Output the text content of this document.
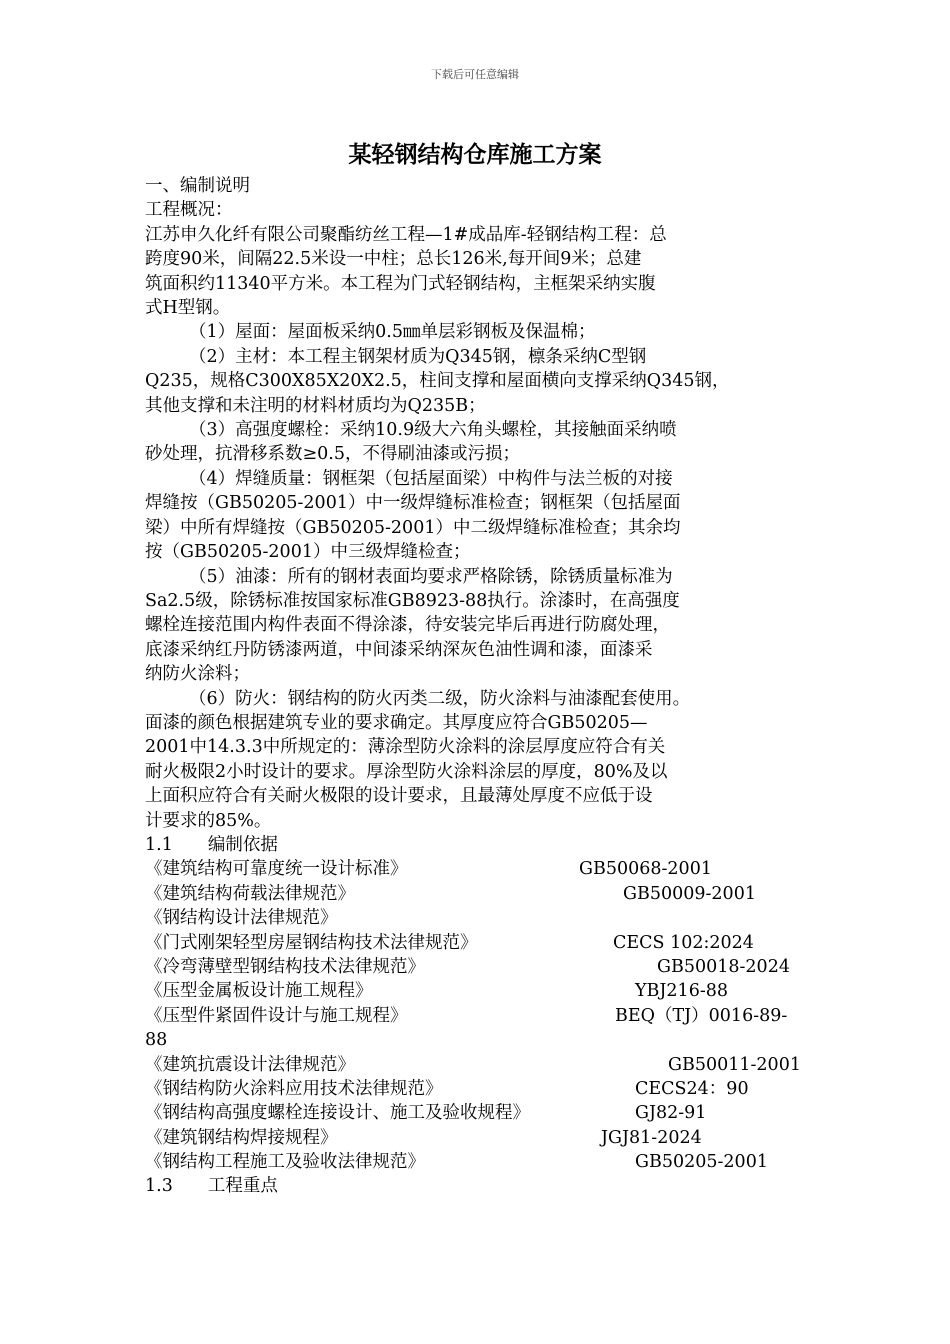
下载后可任意编辑
某轻钢结构仓库施工方案
一、编制说明
工程概况：
江苏申久化纤有限公司聚酯纺丝工程—1#成品库-轻钢结构工程：总
跨度90米，间隔22.5米设一中柱；总长126米,每开间9米；总建
筑面积约11340平方米。本工程为门式轻钢结构，主框架采纳实腹
式H型钢。
（1）屋面：屋面板采纳0.5㎜单层彩钢板及保温棉；
（2）主材：本工程主钢架材质为Q345钢，檩条采纳C型钢
Q235，规格C300X85X20X2.5，柱间支撑和屋面横向支撑采纳Q345钢，
其他支撑和未注明的材料材质均为Q235B；
（3）高强度螺栓：采纳10.9级大六角头螺栓，其接触面采纳喷
砂处理，抗滑移系数≥0.5，不得刷油漆或污损；
（4）焊缝质量：钢框架（包括屋面梁）中构件与法兰板的对接
焊缝按（GB50205-2001）中一级焊缝标准检查；钢框架（包括屋面
梁）中所有焊缝按（GB50205-2001）中二级焊缝标准检查；其余均
按（GB50205-2001）中三级焊缝检查；
（5）油漆：所有的钢材表面均要求严格除锈，除锈质量标准为
Sa2.5级，除锈标准按国家标准GB8923-88执行。涂漆时，在高强度
螺栓连接范围内构件表面不得涂漆，待安装完毕后再进行防腐处理，
底漆采纳红丹防锈漆两道，中间漆采纳深灰色油性调和漆，面漆采
纳防火涂料；
（6）防火：钢结构的防火丙类二级，防火涂料与油漆配套使用。
面漆的颜色根据建筑专业的要求确定。其厚度应符合GB50205—
2001中14.3.3中所规定的：薄涂型防火涂料的涂层厚度应符合有关
耐火极限2小时设计的要求。厚涂型防火涂料涂层的厚度，80%及以
上面积应符合有关耐火极限的设计要求，且最薄处厚度不应低于设
计要求的85%。
1.1　　编制依据
《建筑结构可靠度统一设计标准》	GB50068-2001
《建筑结构荷载法律规范》	GB50009-2001
《钢结构设计法律规范》
《门式刚架轻型房屋钢结构技术法律规范》	CECS 102:2024
《冷弯薄壁型钢结构技术法律规范》	GB50018-2024
《压型金属板设计施工规程》	YBJ216-88
《压型件紧固件设计与施工规程》	BEQ（TJ）0016-89-
88
《建筑抗震设计法律规范》	GB50011-2001
《钢结构防火涂料应用技术法律规范》	CECS24：90
《钢结构高强度螺栓连接设计、施工及验收规程》	GJ82-91
《建筑钢结构焊接规程》	JGJ81-2024
《钢结构工程施工及验收法律规范》	GB50205-2001
1.3　　工程重点
